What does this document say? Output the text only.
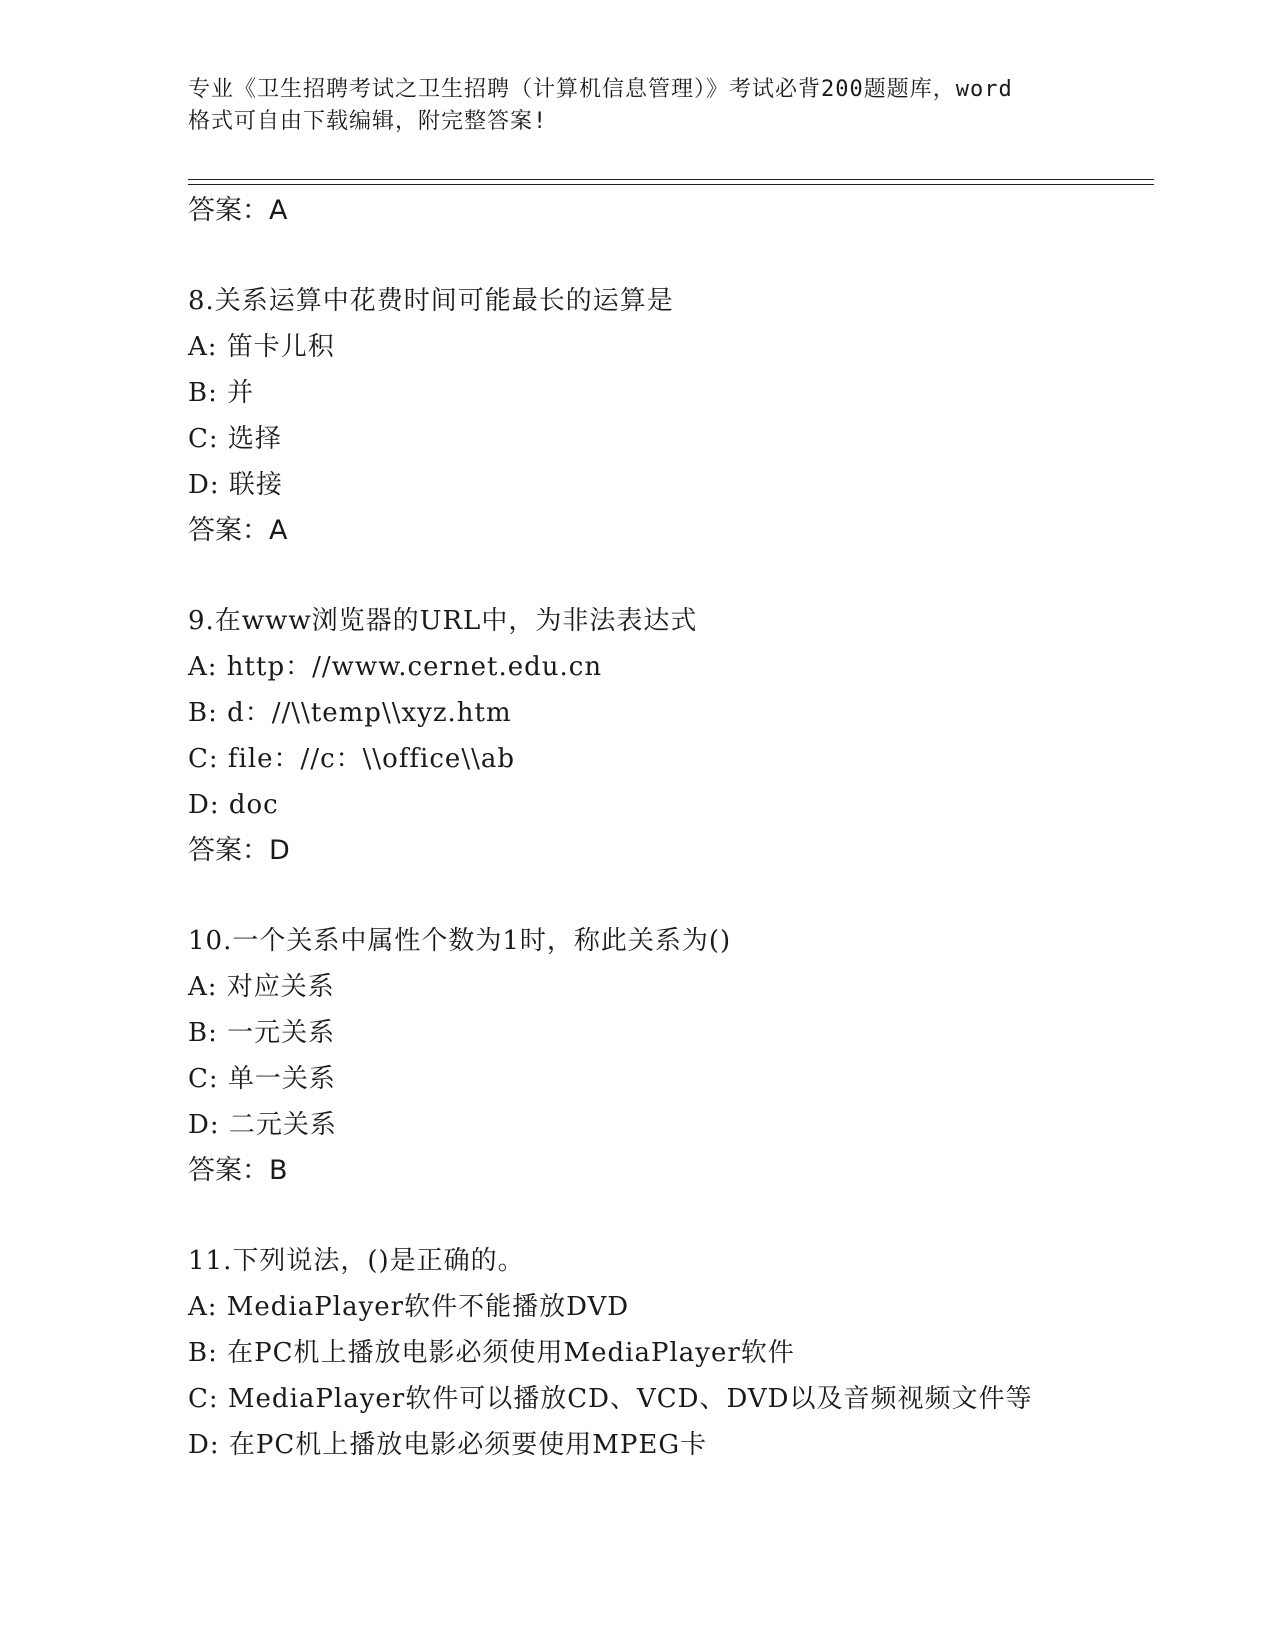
专业《卫生招聘考试之卫生招聘（计算机信息管理）》考试必背200题题库，word
格式可自由下载编辑，附完整答案!
答案：A
8.关系运算中花费时间可能最长的运算是
A: 笛卡儿积
B: 并
C: 选择
D: 联接
答案：A
9.在www浏览器的URL中，为非法表达式
A: http：//www.cernet.edu.cn
B: d：//\\temp\\xyz.htm
C: file：//c：\\office\\ab
D: doc
答案：D
10.一个关系中属性个数为1时，称此关系为()
A: 对应关系
B: 一元关系
C: 单一关系
D: 二元关系
答案：B
11.下列说法，()是正确的。
A: MediaPlayer软件不能播放DVD
B: 在PC机上播放电影必须使用MediaPlayer软件
C: MediaPlayer软件可以播放CD、VCD、DVD以及音频视频文件等
D: 在PC机上播放电影必须要使用MPEG卡
